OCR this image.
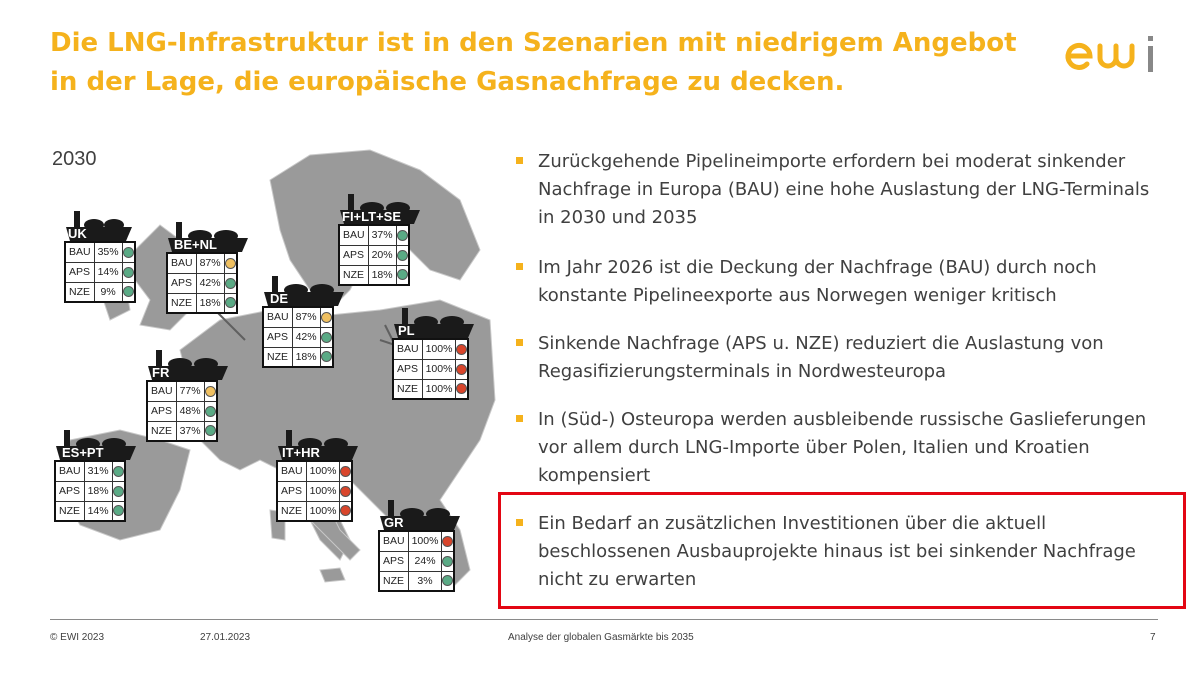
Die LNG-Infrastruktur ist in den Szenarien mit niedrigem Angebot in der Lage, die europäische Gasnachfrage zu decken.
2030
UK
BAU	35%	
APS	14%	
NZE	9%	
BE+NL
BAU	87%	
APS	42%	
NZE	18%	
FI+LT+SE
BAU	37%	
APS	20%	
NZE	18%	
DE
BAU	87%	
APS	42%	
NZE	18%	
PL
BAU	100%	
APS	100%	
NZE	100%	
FR
BAU	77%	
APS	48%	
NZE	37%	
ES+PT
BAU	31%	
APS	18%	
NZE	14%	
IT+HR
BAU	100%	
APS	100%	
NZE	100%	
GR
BAU	100%	
APS	24%	
NZE	3%	
Zurückgehende Pipelineimporte erfordern bei moderat sinkender Nachfrage in Europa (BAU) eine hohe Auslastung der LNG-Terminals in 2030 und 2035
Im Jahr 2026 ist die Deckung der Nachfrage (BAU) durch noch konstante Pipelineexporte aus Norwegen weniger kritisch
Sinkende Nachfrage (APS u. NZE) reduziert die Auslastung von Regasifizierungsterminals in Nordwesteuropa
In (Süd-) Osteuropa werden ausbleibende russische Gaslieferungen vor allem durch LNG-Importe über Polen, Italien und Kroatien kompensiert
Ein Bedarf an zusätzlichen Investitionen über die aktuell beschlossenen Ausbauprojekte hinaus ist bei sinkender Nachfrage nicht zu erwarten
© EWI 2023	27.01.2023	Analyse der globalen Gasmärkte bis 2035	7
